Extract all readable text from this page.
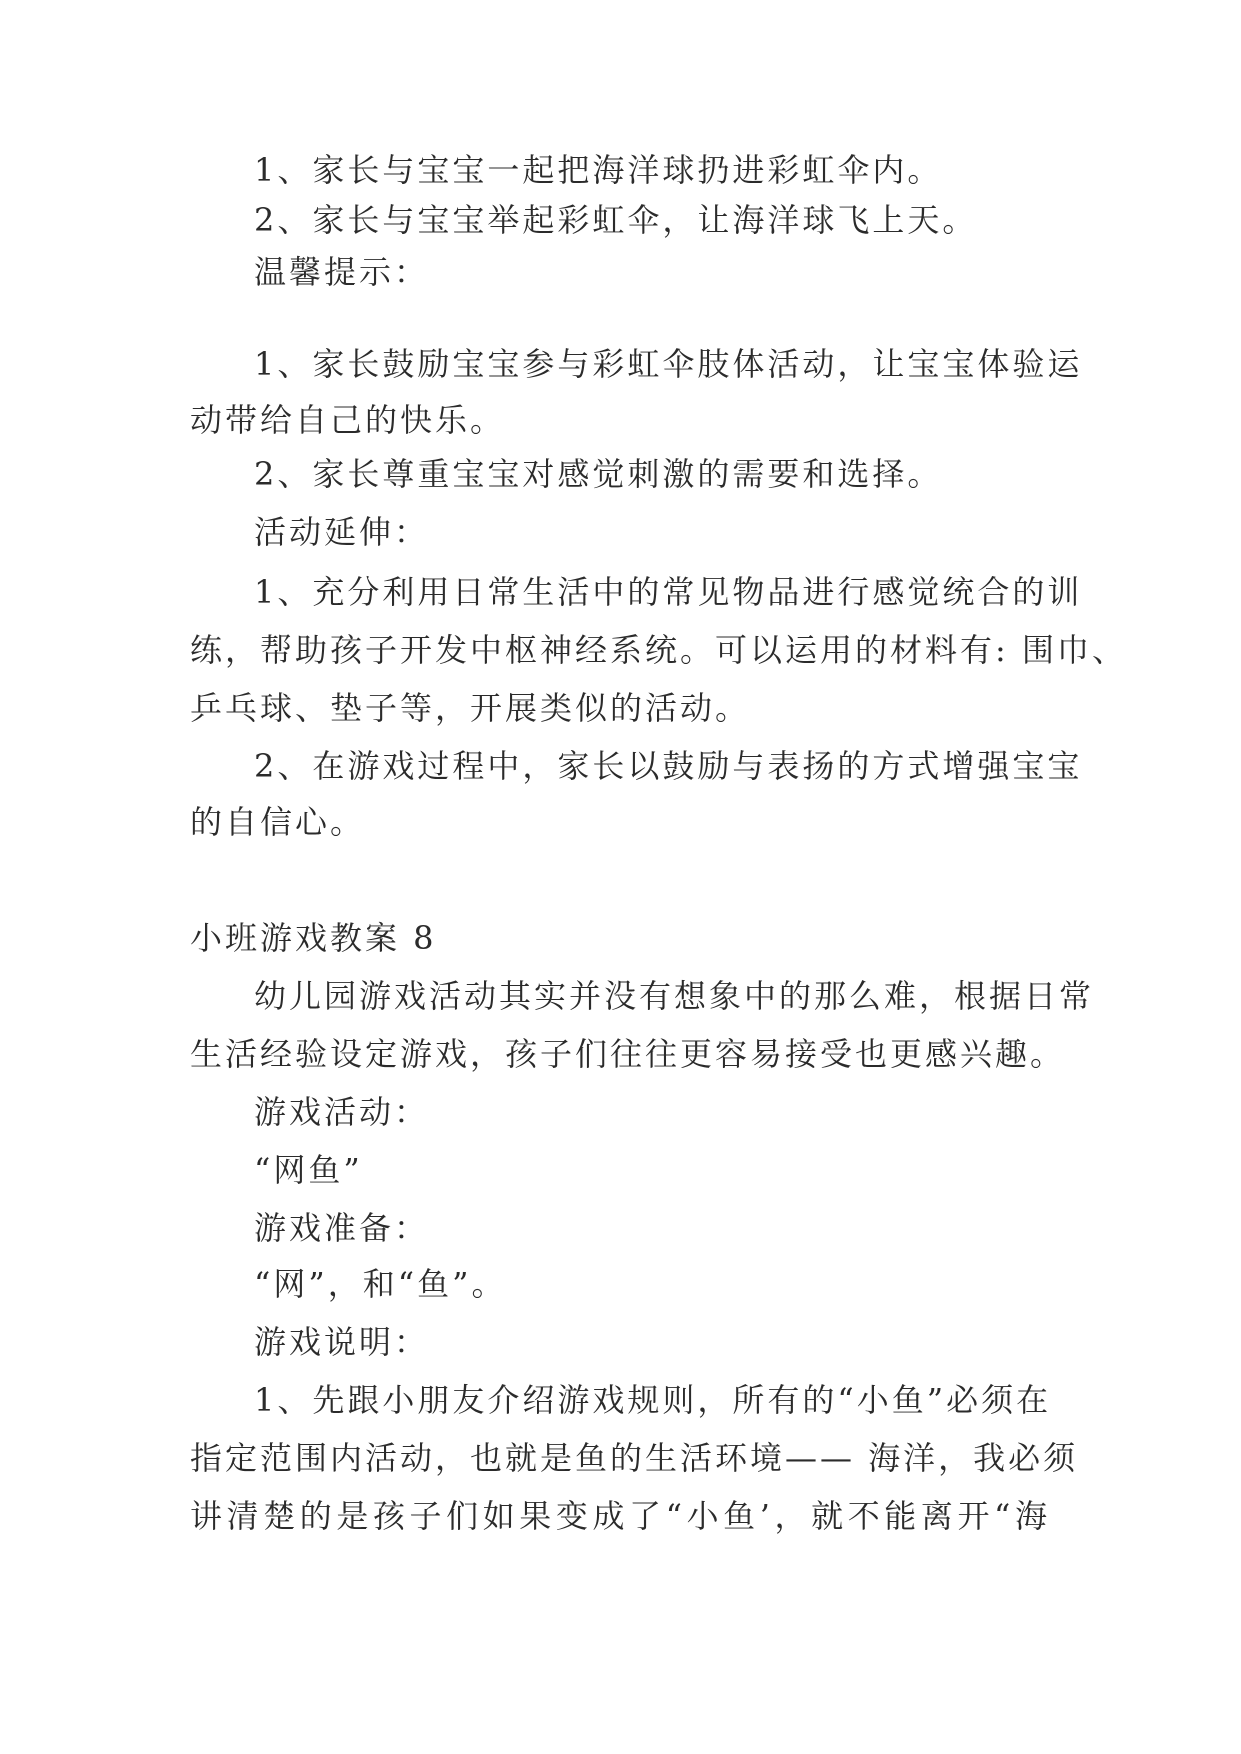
1、家长与宝宝一起把海洋球扔进彩虹伞内。
2、家长与宝宝举起彩虹伞，让海洋球飞上天。
温馨提示：
1、家长鼓励宝宝参与彩虹伞肢体活动，让宝宝体验运
动带给自己的快乐。
2、家长尊重宝宝对感觉刺激的需要和选择。
活动延伸：
1、充分利用日常生活中的常见物品进行感觉统合的训
练，帮助孩子开发中枢神经系统。可以运用的材料有: 围巾、
乒乓球、垫子等，开展类似的活动。
2、在游戏过程中，家长以鼓励与表扬的方式增强宝宝
的自信心。
小班游戏教案 8
幼儿园游戏活动其实并没有想象中的那么难，根据日常
生活经验设定游戏，孩子们往往更容易接受也更感兴趣。
游戏活动：
“网鱼”
游戏准备：
“网”，和“鱼”。
游戏说明：
1、先跟小朋友介绍游戏规则，所有的“小鱼”必须在
指定范围内活动，也就是鱼的生活环境—— 海洋，我必须
讲清楚的是孩子们如果变成了“小鱼’，就不能离开“海
